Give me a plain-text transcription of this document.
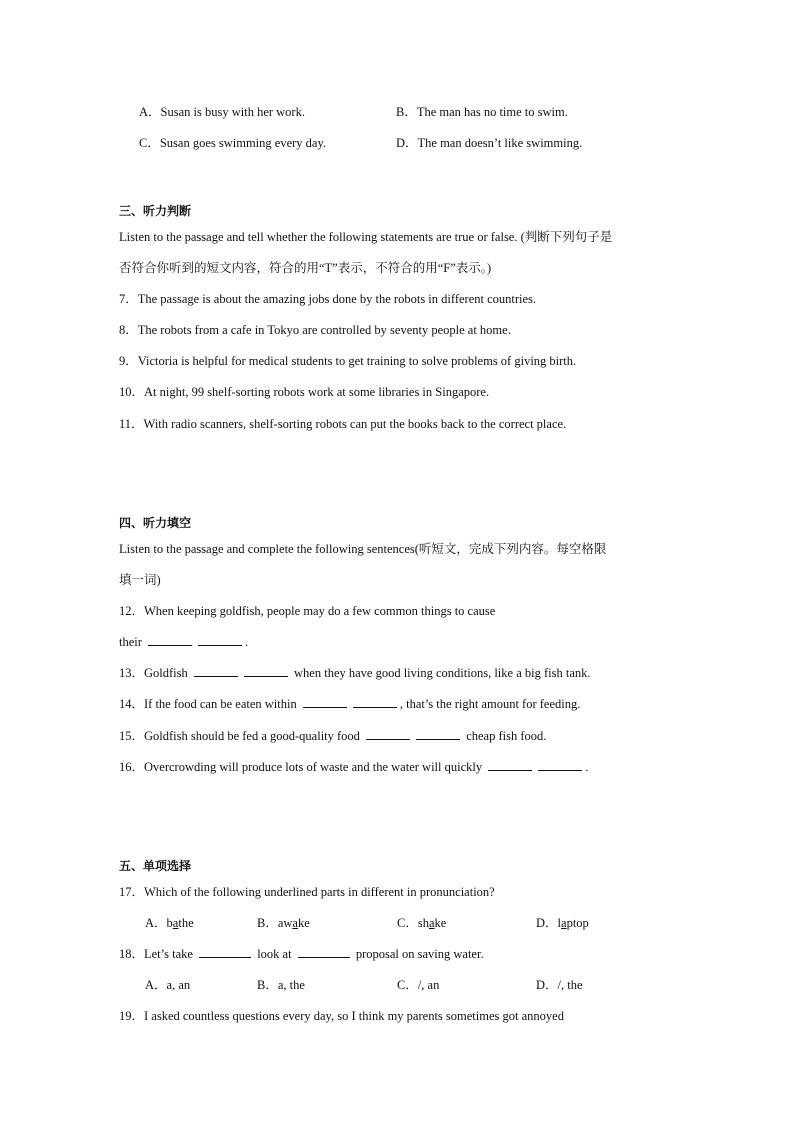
A．Susan is busy with her work.	B．The man has no time to swim.
C．Susan goes swimming every day.	D．The man doesn’t like swimming.
三、听力判断
Listen to the passage and tell whether the following statements are true or false. (判断下列句子是
否符合你听到的短文内容，符合的用“T”表示，不符合的用“F”表示。)
7．The passage is about the amazing jobs done by the robots in different countries.
8．The robots from a cafe in Tokyo are controlled by seventy people at home.
9．Victoria is helpful for medical students to get training to solve problems of giving birth.
10．At night, 99 shelf-sorting robots work at some libraries in Singapore.
11．With radio scanners, shelf-sorting robots can put the books back to the correct place.
四、听力填空
Listen to the passage and complete the following sentences(听短文，完成下列内容。每空格限
填一词)
12．When keeping goldfish, people may do a few common things to cause
their	.
13．Goldfish	when they have good living conditions, like a big fish tank.
14．If the food can be eaten within	, that’s the right amount for feeding.
15．Goldfish should be fed a good-quality food	cheap fish food.
16．Overcrowding will produce lots of waste and the water will quickly	.
五、单项选择
17．Which of the following underlined parts in different in pronunciation?
A．bathe	B．awake	C．shake	D．laptop
18．Let’s take	look at	proposal on saving water.
A．a, an	B．a, the	C．/, an	D．/, the
19．I asked countless questions every day, so I think my parents sometimes got annoyed
